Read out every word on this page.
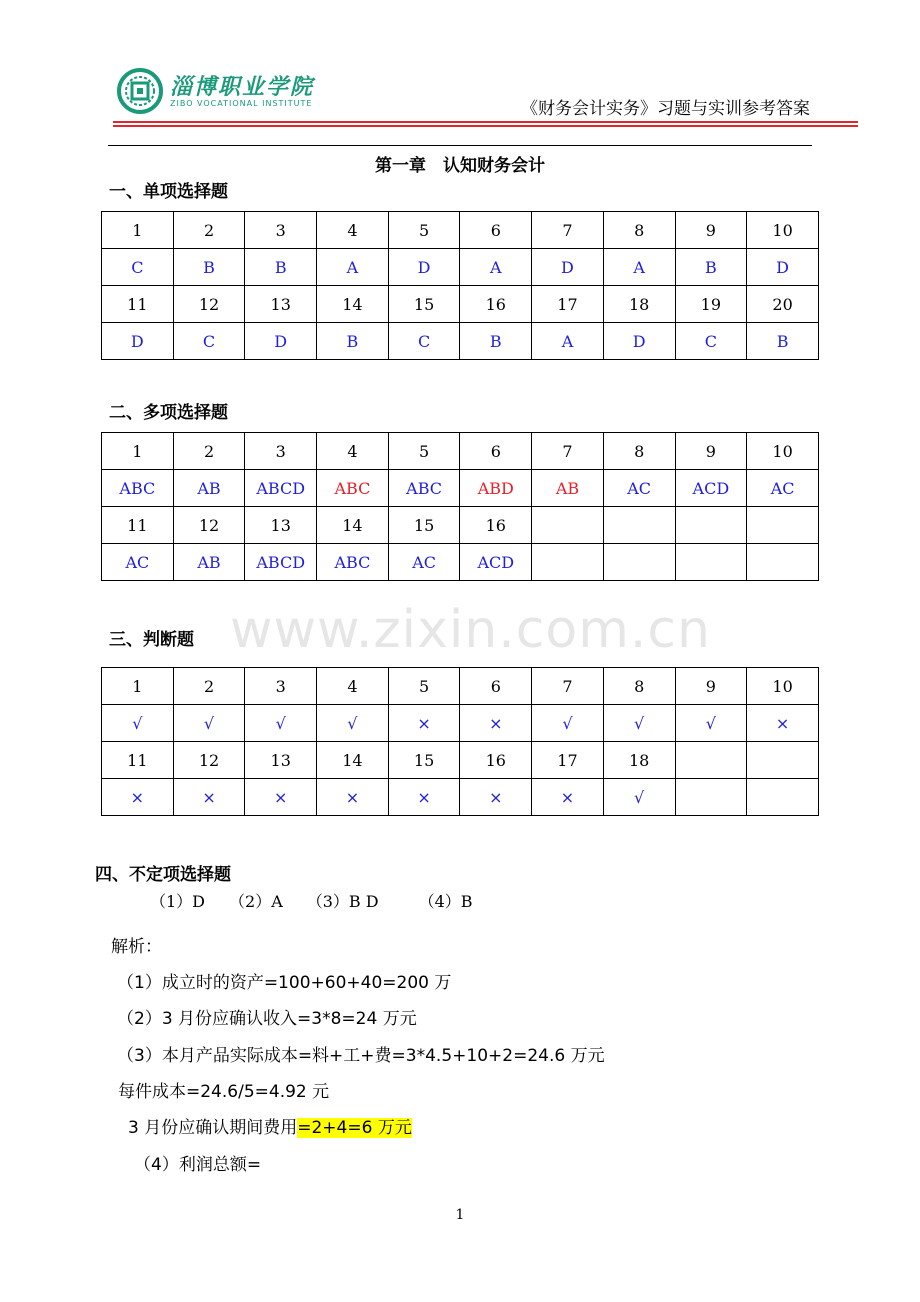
www.zixin.com.cn
淄博职业学院
ZIBO VOCATIONAL INSTITUTE	《财务会计实务》习题与实训参考答案
第一章　认知财务会计
一、单项选择题
1	2	3	4	5	6	7	8	9	10
C	B	B	A	D	A	D	A	B	D
11	12	13	14	15	16	17	18	19	20
D	C	D	B	C	B	A	D	C	B
二、多项选择题
1	2	3	4	5	6	7	8	9	10
ABC	AB	ABCD	ABC	ABC	ABD	AB	AC	ACD	AC
11	12	13	14	15	16				
AC	AB	ABCD	ABC	AC	ACD				
三、判断题
1	2	3	4	5	6	7	8	9	10
√	√	√	√	×	×	√	√	√	×
11	12	13	14	15	16	17	18		
×	×	×	×	×	×	×	√		
四、不定项选择题
（1）D　　（2）A　　（3）B D　　　（4）B
解析：
（1）成立时的资产=100+60+40=200 万
（2）3 月份应确认收入=3*8=24 万元
（3）本月产品实际成本=料+工+费=3*4.5+10+2=24.6 万元
每件成本=24.6/5=4.92 元
3 月份应确认期间费用=2+4=6 万元
（4）利润总额=
1
